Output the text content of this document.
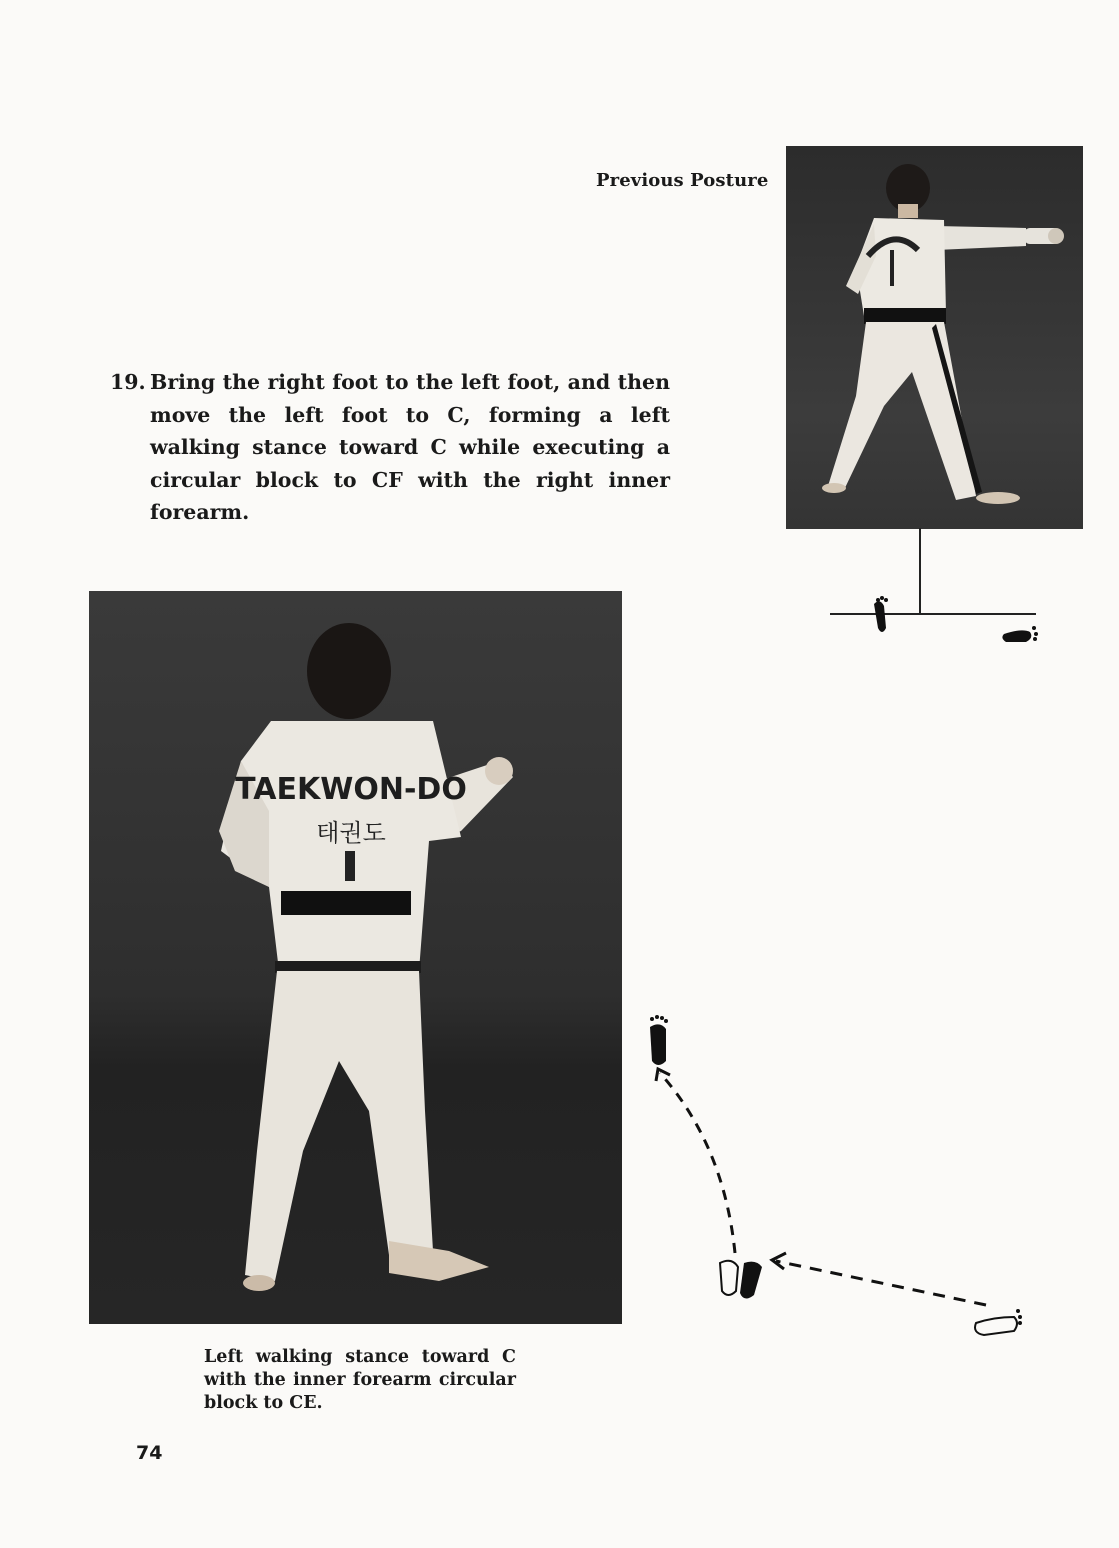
Previous Posture
19. Bring the right foot to the left foot, and then move the left foot to C, forming a left walking stance toward C while executing a circular block to CF with the right inner forearm.
TAEKWON-DO
태권도
Left walking stance toward C with the inner forearm circular block to CE.
74
